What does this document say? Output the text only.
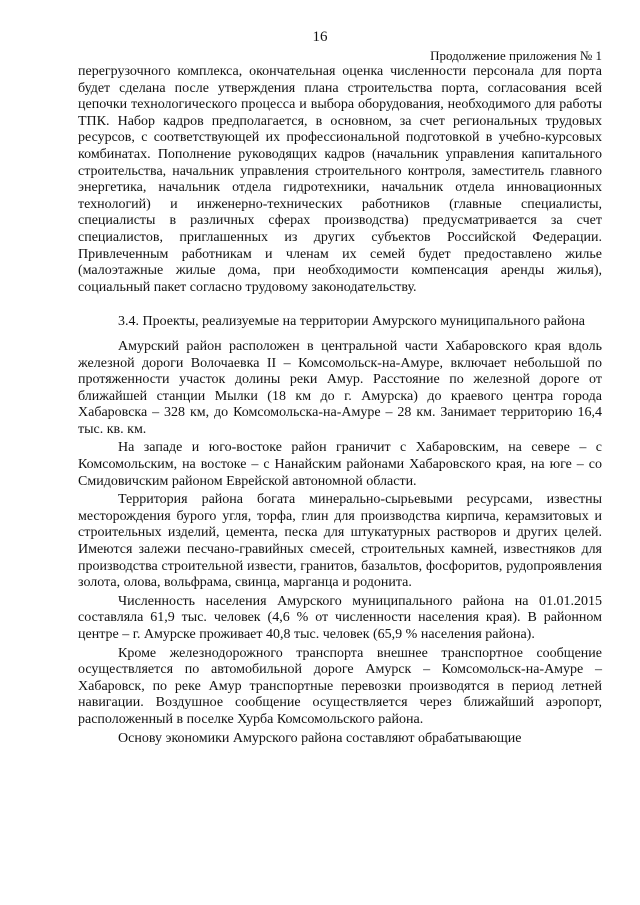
16
Продолжение приложения № 1

перегрузочного комплекса, окончательная оценка численности персонала для порта будет сделана после утверждения плана строительства порта, согласования всей цепочки технологического процесса и выбора оборудования, необходимого для работы ТПК. Набор кадров предполагается, в основном, за счет региональных трудовых ресурсов, с соответствующей их профессиональной подготовкой в учебно-курсовых комбинатах. Пополнение руководящих кадров (начальник управления капитального строительства, начальник управления строительного контроля, заместитель главного энергетика, начальник отдела гидротехники, начальник отдела инновационных технологий) и инженерно-технических работников (главные специалисты, специалисты в различных сферах производства) предусматривается за счет специалистов, приглашенных из других субъектов Российской Федерации. Привлеченным работникам и членам их семей будет предоставлено жилье (малоэтажные жилые дома, при необходимости компенсация аренды жилья), социальный пакет согласно трудовому законодательству.

3.4. Проекты, реализуемые на территории Амурского муниципального района

Амурский район расположен в центральной части Хабаровского края вдоль железной дороги Волочаевка II – Комсомольск-на-Амуре, включает небольшой по протяженности участок долины реки Амур. Расстояние по железной дороге от ближайшей станции Мылки (18 км до г. Амурска) до краевого центра города Хабаровска – 328 км, до Комсомольска-на-Амуре – 28 км. Занимает территорию 16,4 тыс. кв. км.

На западе и юго-востоке район граничит с Хабаровским, на севере – с Комсомольским, на востоке – с Нанайским районами Хабаровского края, на юге – со Смидовичским районом Еврейской автономной области.

Территория района богата минерально-сырьевыми ресурсами, известны месторождения бурого угля, торфа, глин для производства кирпича, керамзитовых и строительных изделий, цемента, песка для штукатурных растворов и других целей. Имеются залежи песчано-гравийных смесей, строительных камней, известняков для производства строительной извести, гранитов, базальтов, фосфоритов, рудопроявления золота, олова, вольфрама, свинца, марганца и родонита.

Численность населения Амурского муниципального района на 01.01.2015 составляла 61,9 тыс. человек (4,6 % от численности населения края). В районном центре – г. Амурске проживает 40,8 тыс. человек (65,9 % населения района).

Кроме железнодорожного транспорта внешнее транспортное сообщение осуществляется по автомобильной дороге Амурск – Комсомольск-на-Амуре – Хабаровск, по реке Амур транспортные перевозки производятся в период летней навигации. Воздушное сообщение осуществляется через ближайший аэропорт, расположенный в поселке Хурба Комсомольского района.

Основу экономики Амурского района составляют обрабатывающие
